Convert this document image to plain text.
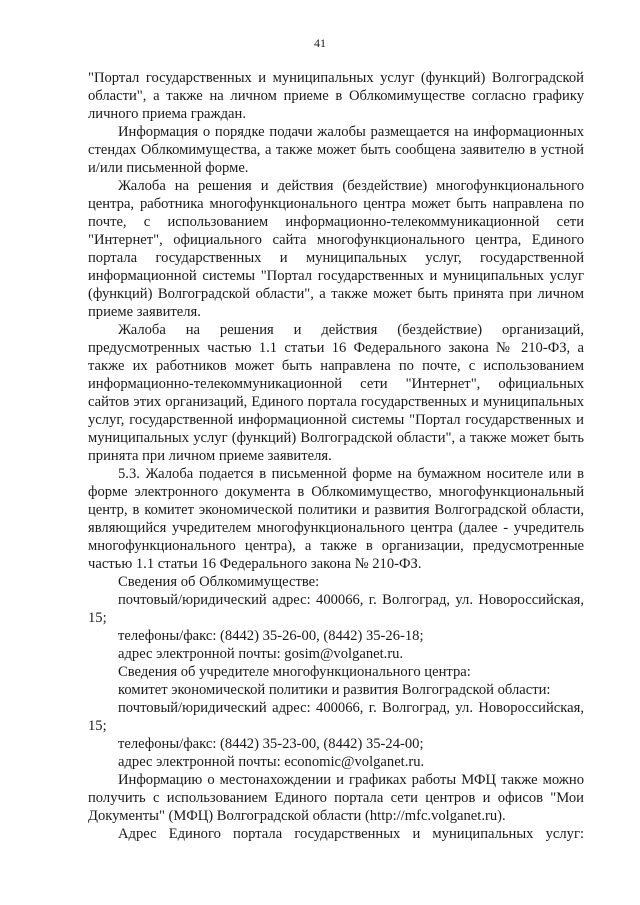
41

"Портал государственных и муниципальных услуг (функций) Волгоградской области", а также на личном приеме в Облкомимуществе согласно графику личного приема граждан.

Информация о порядке подачи жалобы размещается на информационных стендах Облкомимущества, а также может быть сообщена заявителю в устной и/или письменной форме.

Жалоба на решения и действия (бездействие) многофункционального центра, работника многофункционального центра может быть направлена по почте, с использованием информационно-телекоммуникационной сети "Интернет", официального сайта многофункционального центра, Единого портала государственных и муниципальных услуг, государственной информационной системы "Портал государственных и муниципальных услуг (функций) Волгоградской области", а также может быть принята при личном приеме заявителя.

Жалоба на решения и действия (бездействие) организаций, предусмотренных частью 1.1 статьи 16 Федерального закона № 210-ФЗ, а также их работников может быть направлена по почте, с использованием информационно-телекоммуникационной сети "Интернет", официальных сайтов этих организаций, Единого портала государственных и муниципальных услуг, государственной информационной системы "Портал государственных и муниципальных услуг (функций) Волгоградской области", а также может быть принята при личном приеме заявителя.

5.3. Жалоба подается в письменной форме на бумажном носителе или в форме электронного документа в Облкомимущество, многофункциональный центр, в комитет экономической политики и развития Волгоградской области, являющийся учредителем многофункционального центра (далее - учредитель многофункционального центра), а также в организации, предусмотренные частью 1.1 статьи 16 Федерального закона № 210-ФЗ.

Сведения об Облкомимуществе:

почтовый/юридический адрес: 400066, г. Волгоград, ул. Новороссийская, 15;

телефоны/факс: (8442) 35-26-00, (8442) 35-26-18;

адрес электронной почты: gosim@volganet.ru.

Сведения об учредителе многофункционального центра:

комитет экономической политики и развития Волгоградской области:

почтовый/юридический адрес: 400066, г. Волгоград, ул. Новороссийская, 15;

телефоны/факс: (8442) 35-23-00, (8442) 35-24-00;

адрес электронной почты: economic@volganet.ru.

Информацию о местонахождении и графиках работы МФЦ также можно получить с использованием Единого портала сети центров и офисов "Мои Документы" (МФЦ) Волгоградской области (http://mfc.volganet.ru).

Адрес Единого портала государственных и муниципальных услуг:
